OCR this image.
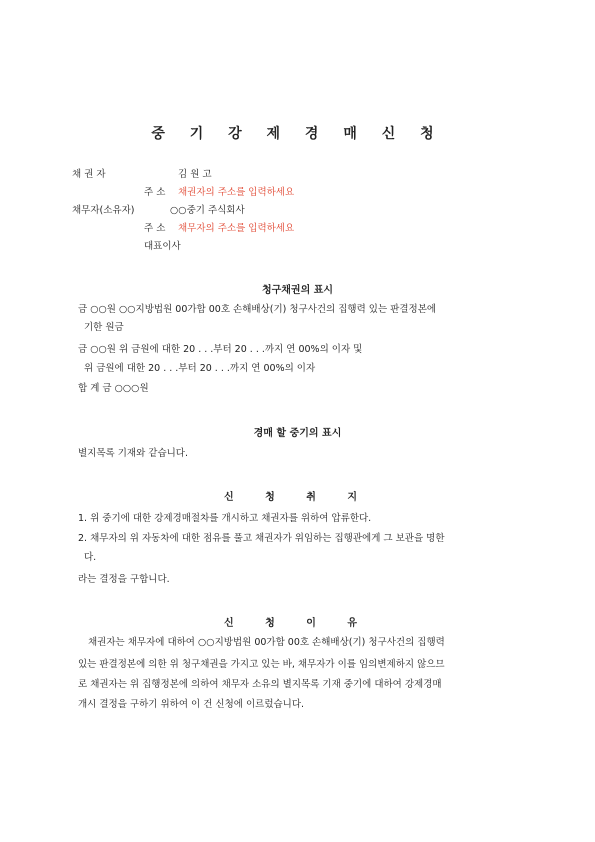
중 기 강 제 경 매 신 청
채 권 자	김 원 고
주 소 채권자의 주소를 입력하세요
채무자(소유자)	○○중기 주식회사
주 소 채무자의 주소를 입력하세요
대표이사
청구채권의 표시
금 ○○원 ○○지방법원 00가합 00호 손해배상(기) 청구사건의 집행력 있는 판결정본에
기한 원금
금 ○○원 위 금원에 대한 20 . . .부터 20 . . .까지 연 00%의 이자 및
위 금원에 대한 20 . . .부터 20 . . .까지 연 00%의 이자
합 계 금 ○○○원
경매 할 중기의 표시
별지목록 기재와 같습니다.
신 청 취 지
1. 위 중기에 대한 강제경매절차를 개시하고 채권자를 위하여 압류한다.
2. 채무자의 위 자동차에 대한 점유를 풀고 채권자가 위임하는 집행관에게 그 보관을 명한
다.
라는 결정을 구합니다.
신 청 이 유
채권자는 채무자에 대하여 ○○지방법원 00가합 00호 손해배상(기) 청구사건의 집행력
있는 판결정본에 의한 위 청구채권을 가지고 있는 바, 채무자가 이를 임의변제하지 않으므
로 채권자는 위 집행정본에 의하여 채무자 소유의 별지목록 기재 중기에 대하여 강제경매
개시 결정을 구하기 위하여 이 건 신청에 이르렀습니다.
